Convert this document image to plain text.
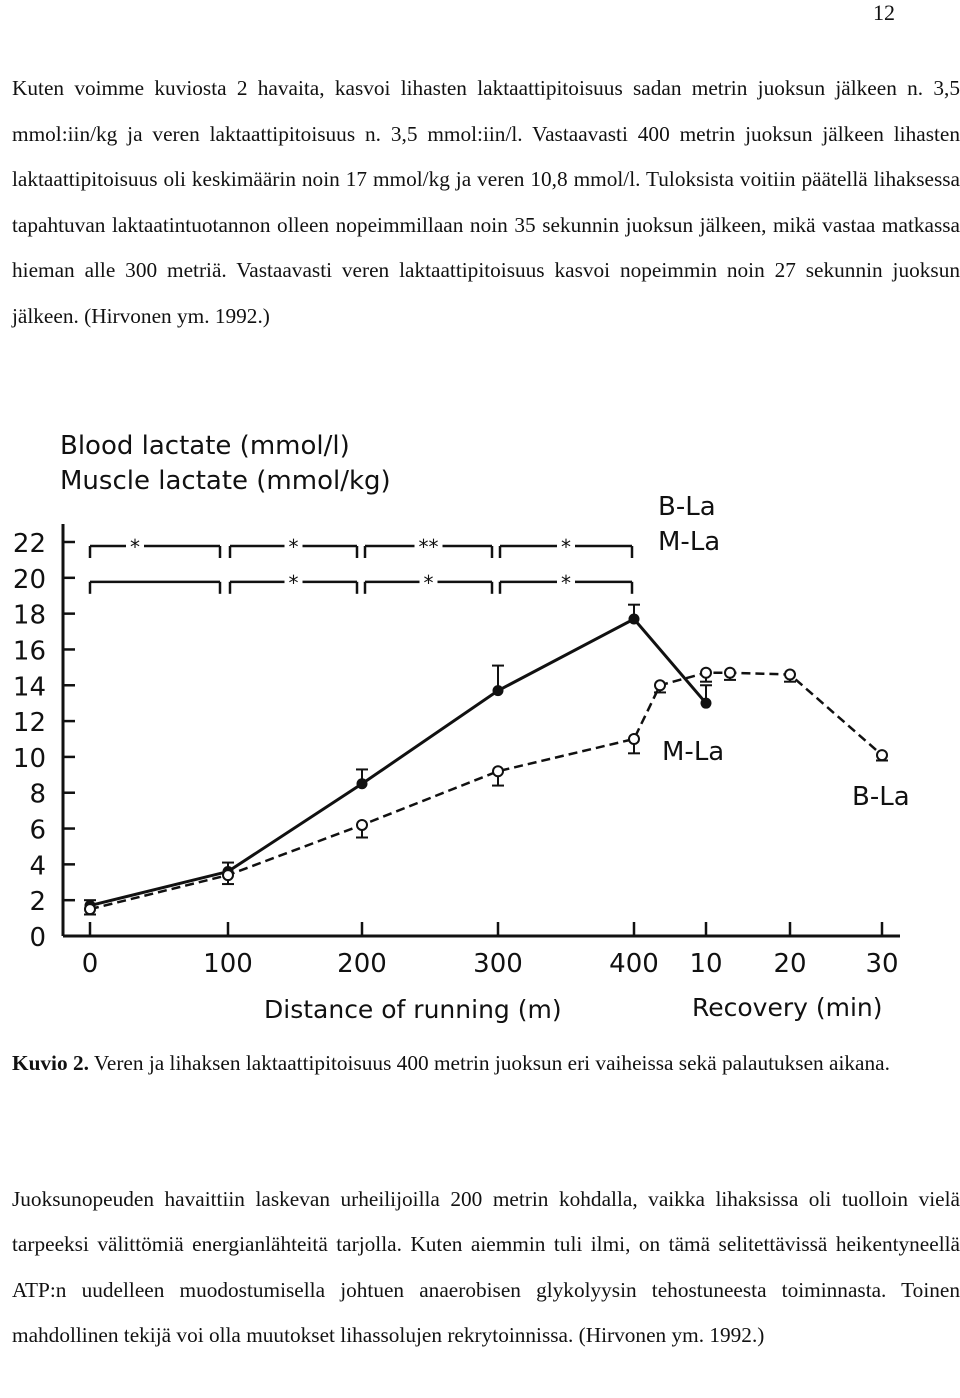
12

Kuten voimme kuviosta 2 havaita, kasvoi lihasten laktaattipitoisuus sadan metrin juoksun jälkeen n. 3,5 mmol:iin/kg ja veren laktaattipitoisuus n. 3,5 mmol:iin/l. Vastaavasti 400 metrin juoksun jälkeen lihasten laktaattipitoisuus oli keskimäärin noin 17 mmol/kg ja veren 10,8 mmol/l. Tuloksista voitiin päätellä lihaksessa tapahtuvan laktaatintuotannon olleen nopeimmillaan noin 35 sekunnin juoksun jälkeen, mikä vastaa matkassa hieman alle 300 metriä. Vastaavasti veren laktaattipitoisuus kasvoi nopeimmin noin 27 sekunnin juoksun jälkeen. (Hirvonen ym. 1992.)

Blood lactate (mmol/l)
Muscle lactate (mmol/kg)
0
2
4
6
8
10
12
14
16
18
20
22
0	100	200	300	400 10 20 30
*	*	**	*
*	*	*
M-La
B-La
M-La
B-La
Distance of running (m)	Recovery (min)

Kuvio 2. Veren ja lihaksen laktaattipitoisuus 400 metrin juoksun eri vaiheissa sekä palautuksen aikana.

Juoksunopeuden havaittiin laskevan urheilijoilla 200 metrin kohdalla, vaikka lihaksissa oli tuolloin vielä tarpeeksi välittömiä energianlähteitä tarjolla. Kuten aiemmin tuli ilmi, on tämä selitettävissä heikentyneellä ATP:n uudelleen muodostumisella johtuen anaerobisen glykolyysin tehostuneesta toiminnasta. Toinen mahdollinen tekijä voi olla muutokset lihassolujen rekrytoinnissa. (Hirvonen ym. 1992.)
